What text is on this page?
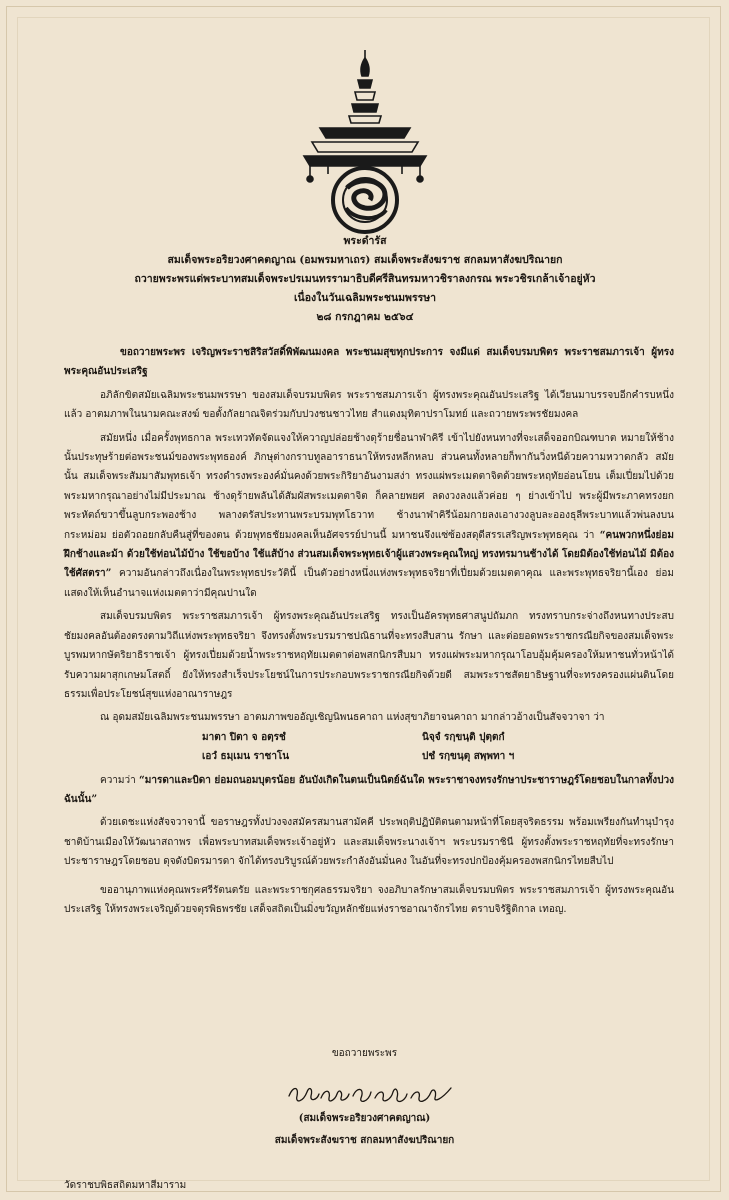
พระดำรัส
สมเด็จพระอริยวงศาคตญาณ (อมพรมหาเถร) สมเด็จพระสังฆราช สกลมหาสังฆปริณายก
ถวายพระพรแด่พระบาทสมเด็จพระปรเมนทรรามาธิบดีศรีสินทรมหาวชิราลงกรณ พระวชิรเกล้าเจ้าอยู่หัว
เนื่องในวันเฉลิมพระชนมพรรษา
๒๘ กรกฎาคม ๒๕๖๔

ขอถวายพระพร เจริญพระราชสิริสวัสดิ์พิพัฒนมงคล พระชนมสุขทุกประการ จงมีแด่ สมเด็จบรมบพิตร พระราชสมภารเจ้า ผู้ทรงพระคุณอันประเสริฐ

อภิลักขิตสมัยเฉลิมพระชนมพรรษา ของสมเด็จบรมบพิตร พระราชสมภารเจ้า ผู้ทรงพระคุณอันประเสริฐ ได้เวียนมาบรรจบอีกคำรบหนึ่งแล้ว อาตมภาพในนามคณะสงฆ์ ขอตั้งกัลยาณจิตร่วมกับปวงชนชาวไทย สำแดงมุทิตาปราโมทย์ และถวายพระพรชัยมงคล

สมัยหนึ่ง เมื่อครั้งพุทธกาล พระเทวทัตจัดแจงให้ควาญปล่อยช้างดุร้ายชื่อนาฬาคิรี เข้าไปยังหนทางที่จะเสด็จออกบิณฑบาต หมายให้ช้างนั้นประทุษร้ายต่อพระชนม์ของพระพุทธองค์ ภิกษุต่างกราบทูลอาราธนาให้ทรงหลีกหลบ ส่วนคนทั้งหลายก็พากันวิ่งหนีด้วยความหวาดกลัว สมัยนั้น สมเด็จพระสัมมาสัมพุทธเจ้า ทรงดำรงพระองค์มั่นคงด้วยพระกิริยาอันงามสง่า ทรงแผ่พระเมตตาจิตด้วยพระหฤทัยอ่อนโยน เต็มเปี่ยมไปด้วยพระมหากรุณาอย่างไม่มีประมาณ ช้างดุร้ายพลันได้สัมผัสพระเมตตาจิต ก็คลายพยศ ลดงวงลงแล้วค่อย ๆ ย่างเข้าไป พระผู้มีพระภาคทรงยกพระหัตถ์ขวาขึ้นลูบกระพองช้าง พลางตรัสประทานพระบรมพุทโธวาท ช้างนาฬาคิรีน้อมกายลงเอางวงลูบละอองธุลีพระบาทแล้วพ่นลงบนกระหม่อม ย่อตัวถอยกลับคืนสู่ที่ของตน ด้วยพุทธชัยมงคลเห็นอัศจรรย์ปานนี้ มหาชนจึงแซ่ซ้องสดุดีสรรเสริญพระพุทธคุณ ว่า “คนพวกหนึ่งย่อมฝึกช้างและม้า ด้วยใช้ท่อนไม้บ้าง ใช้ขอบ้าง ใช้แส้บ้าง ส่วนสมเด็จพระพุทธเจ้าผู้แสวงพระคุณใหญ่ ทรงทรมานช้างได้ โดยมิต้องใช้ท่อนไม้ มิต้องใช้ศัสตรา” ความอันกล่าวถึงเนื่องในพระพุทธประวัตินี้ เป็นตัวอย่างหนึ่งแห่งพระพุทธจริยาที่เปี่ยมด้วยเมตตาคุณ และพระพุทธจริยานี้เอง ย่อมแสดงให้เห็นอำนาจแห่งเมตตาว่ามีคุณปานใด

สมเด็จบรมบพิตร พระราชสมภารเจ้า ผู้ทรงพระคุณอันประเสริฐ ทรงเป็นอัครพุทธศาสนูปถัมภก ทรงทราบกระจ่างถึงหนทางประสบชัยมงคลอันต้องตรงตามวิถีแห่งพระพุทธจริยา จึงทรงตั้งพระบรมราชปณิธานที่จะทรงสืบสาน รักษา และต่อยอดพระราชกรณียกิจของสมเด็จพระบูรพมหากษัตริยาธิราชเจ้า ผู้ทรงเปี่ยมด้วยน้ำพระราชหฤทัยเมตตาต่อพสกนิกรสืบมา ทรงแผ่พระมหากรุณาโอบอุ้มคุ้มครองให้มหาชนทั่วหน้าได้รับความผาสุกเกษมโสตถิ์ ยังให้ทรงสำเร็จประโยชน์ในการประกอบพระราชกรณียกิจด้วยดี สมพระราชสัตยาธิษฐานที่จะทรงครองแผ่นดินโดยธรรมเพื่อประโยชน์สุขแห่งอาณาราษฎร

ณ อุดมสมัยเฉลิมพระชนมพรรษา อาตมภาพขออัญเชิญนิพนธคาถา แห่งสุขาภิยาจนคาถา มากล่าวอ้างเป็นสัจจวาจา ว่า

มาตา ปิตา จ อตฺรชํ	นิจฺจํ รกฺขนฺติ ปุตฺตกํ
เอวํ ธมฺเมน ราชาโน	ปชํ รกฺขนฺตุ สพฺพทา ฯ

ความว่า “มารดาและบิดา ย่อมถนอมบุตรน้อย อันบังเกิดในตนเป็นนิตย์ฉันใด พระราชาจงทรงรักษาประชาราษฎร์โดยชอบในกาลทั้งปวงฉันนั้น”

ด้วยเดชะแห่งสัจจวาจานี้ ขอราษฎรทั้งปวงจงสมัครสมานสามัคคี ประพฤติปฏิบัติตนตามหน้าที่โดยสุจริตธรรม พร้อมเพรียงกันทำนุบำรุงชาติบ้านเมืองให้วัฒนาสถาพร เพื่อพระบาทสมเด็จพระเจ้าอยู่หัว และสมเด็จพระนางเจ้าฯ พระบรมราชินี ผู้ทรงตั้งพระราชหฤทัยที่จะทรงรักษาประชาราษฎรโดยชอบ ดุจดังบิดรมารดา จักได้ทรงบริบูรณ์ด้วยพระกำลังอันมั่นคง ในอันที่จะทรงปกป้องคุ้มครองพสกนิกรไทยสืบไป

ขออานุภาพแห่งคุณพระศรีรัตนตรัย และพระราชกุศลธรรมจริยา จงอภิบาลรักษาสมเด็จบรมบพิตร พระราชสมภารเจ้า ผู้ทรงพระคุณอันประเสริฐ ให้ทรงพระเจริญด้วยจตุรพิธพรชัย เสด็จสถิตเป็นมิ่งขวัญหลักชัยแห่งราชอาณาจักรไทย ตราบจิรัฐิติกาล เทอญ.

ขอถวายพระพร
(สมเด็จพระอริยวงศาคตญาณ)
สมเด็จพระสังฆราช สกลมหาสังฆปริณายก
วัดราชบพิธสถิตมหาสีมาราม
